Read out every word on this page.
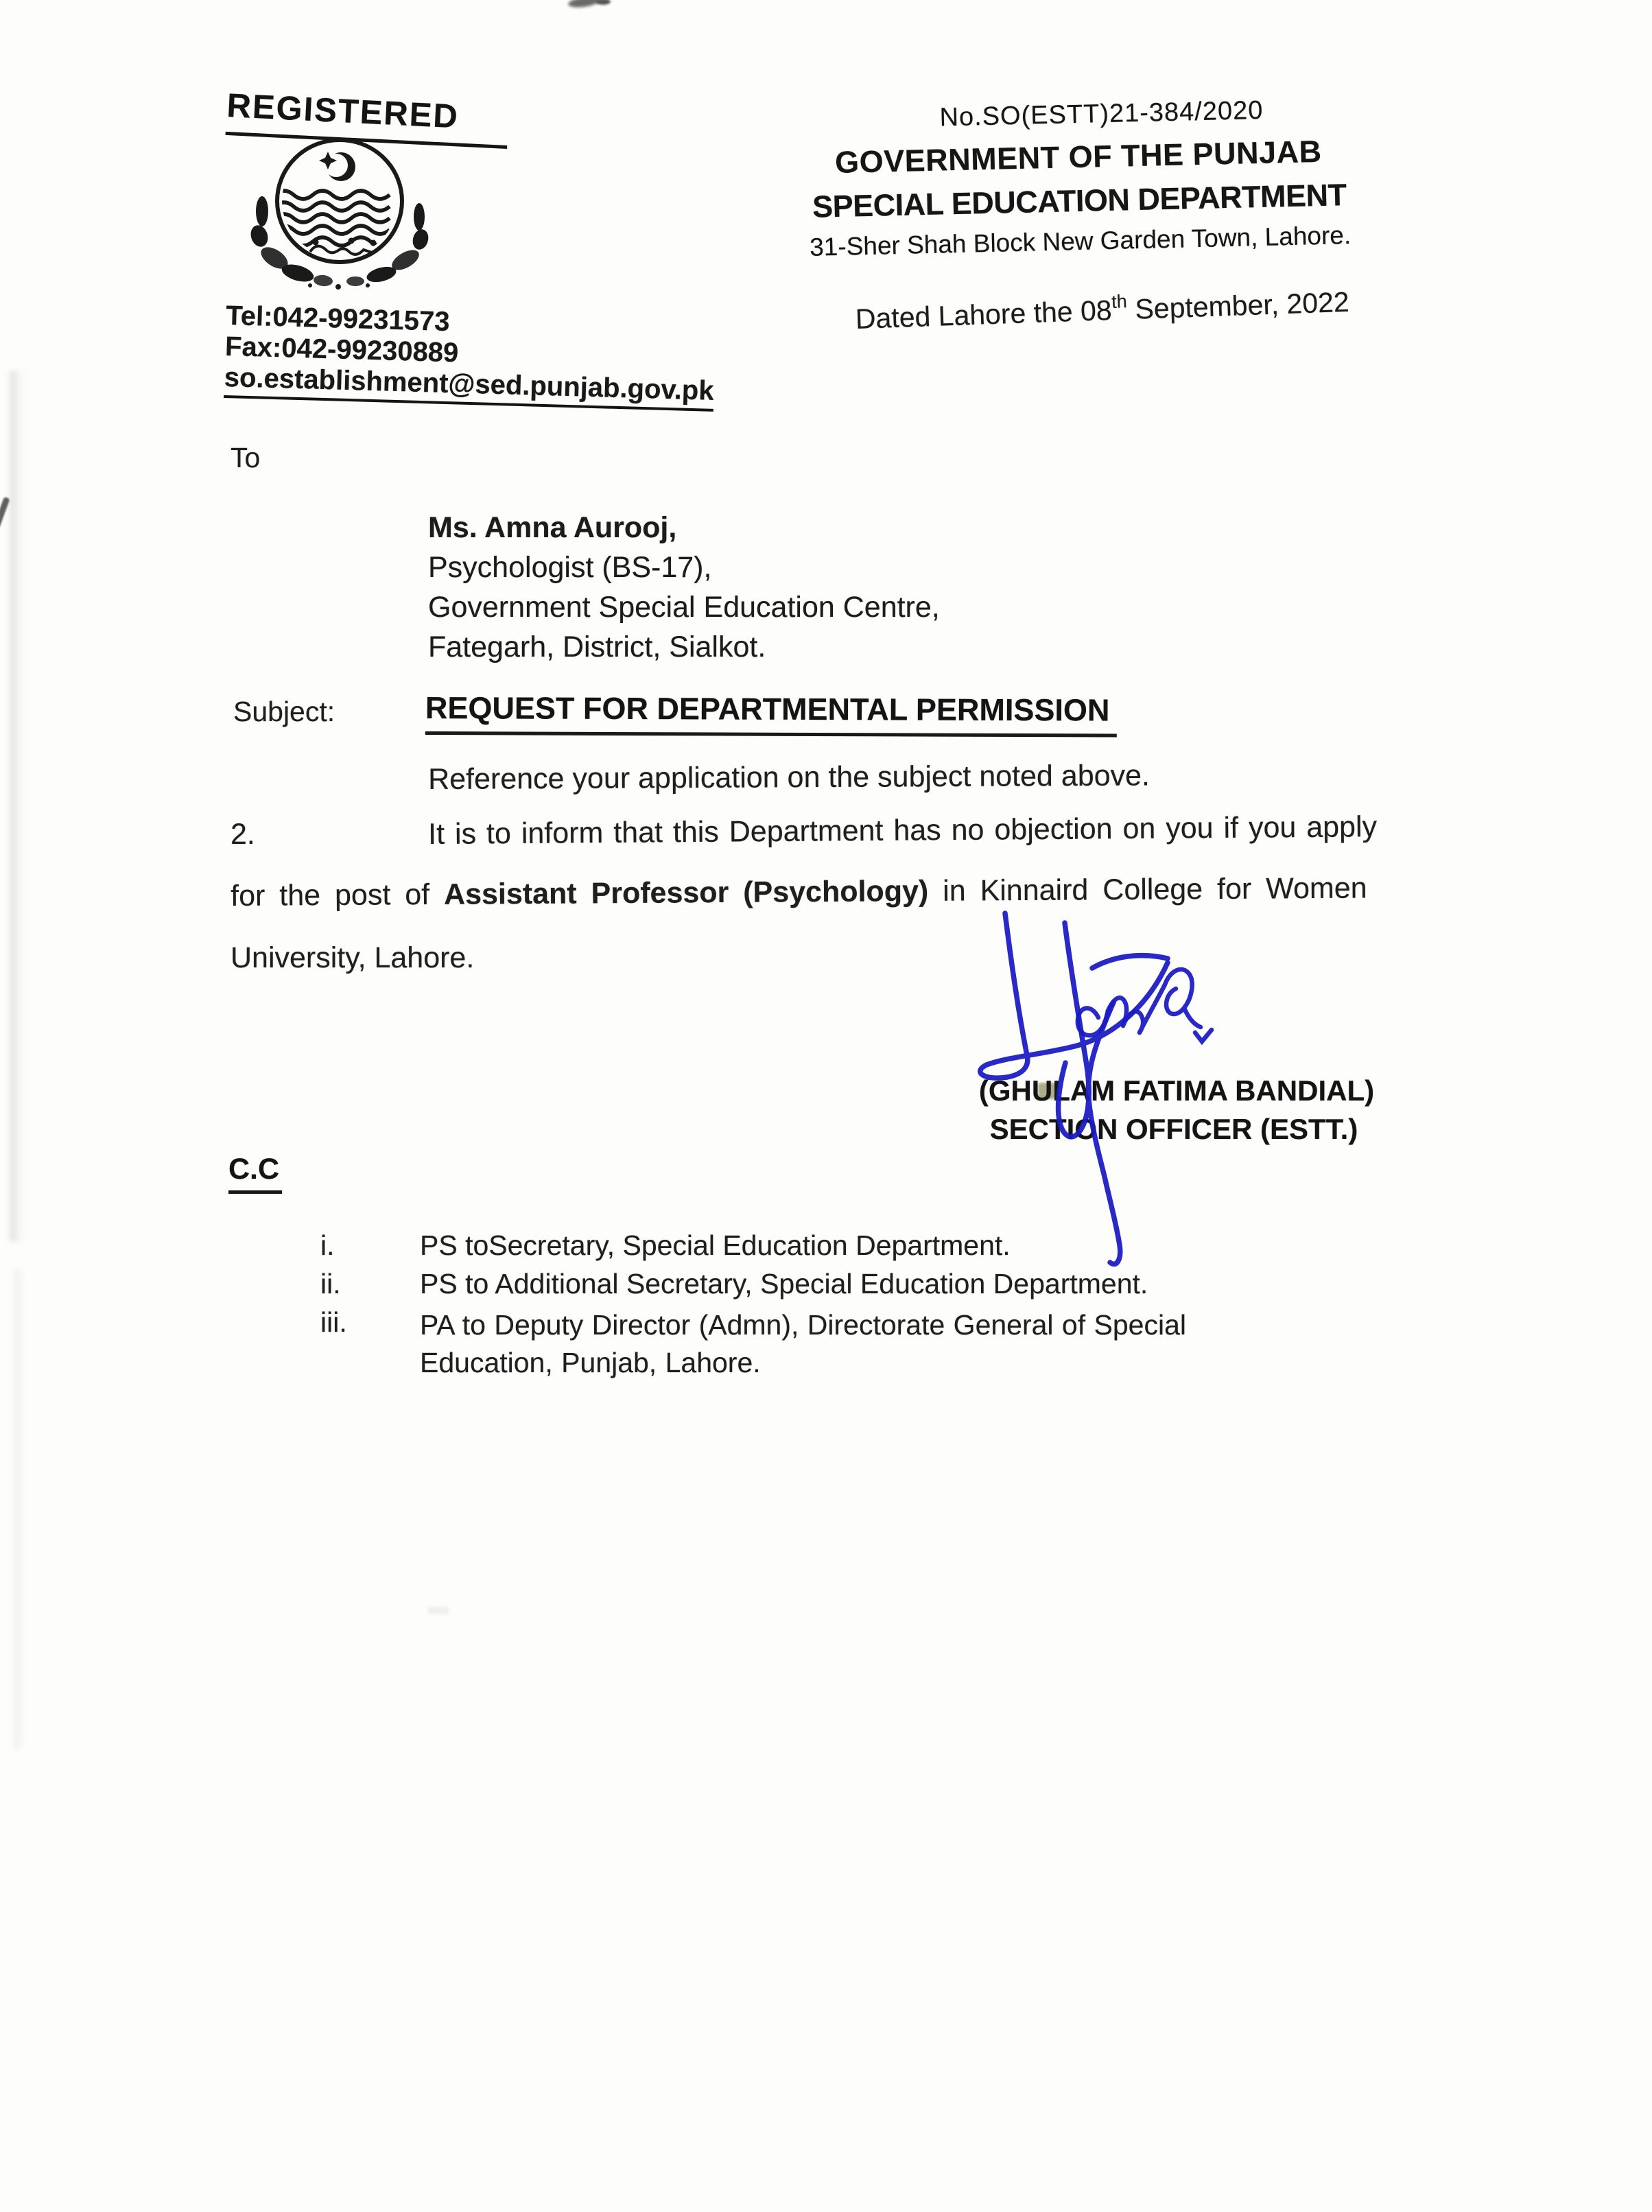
REGISTERED
Tel:042-99231573
Fax:042-99230889
so.establishment@sed.punjab.gov.pk
No.SO(ESTT)21-384/2020
GOVERNMENT OF THE PUNJAB
SPECIAL EDUCATION DEPARTMENT
31-Sher Shah Block New Garden Town, Lahore.
Dated Lahore the 08th September, 2022
To
Ms. Amna Aurooj,
Psychologist (BS-17),
Government Special Education Centre,
Fategarh, District, Sialkot.
Subject:	REQUEST FOR DEPARTMENTAL PERMISSION
Reference your application on the subject noted above.
2.	It is to inform that this Department has no objection on you if you apply
for the post of Assistant Professor (Psychology) in Kinnaird College for Women
University, Lahore.
(GHULAM FATIMA BANDIAL)
SECTION OFFICER (ESTT.)
C.C
i.	PS toSecretary, Special Education Department.
ii.	PS to Additional Secretary, Special Education Department.
iii.	PA to Deputy Director (Admn), Directorate General of Special Education, Punjab, Lahore.
